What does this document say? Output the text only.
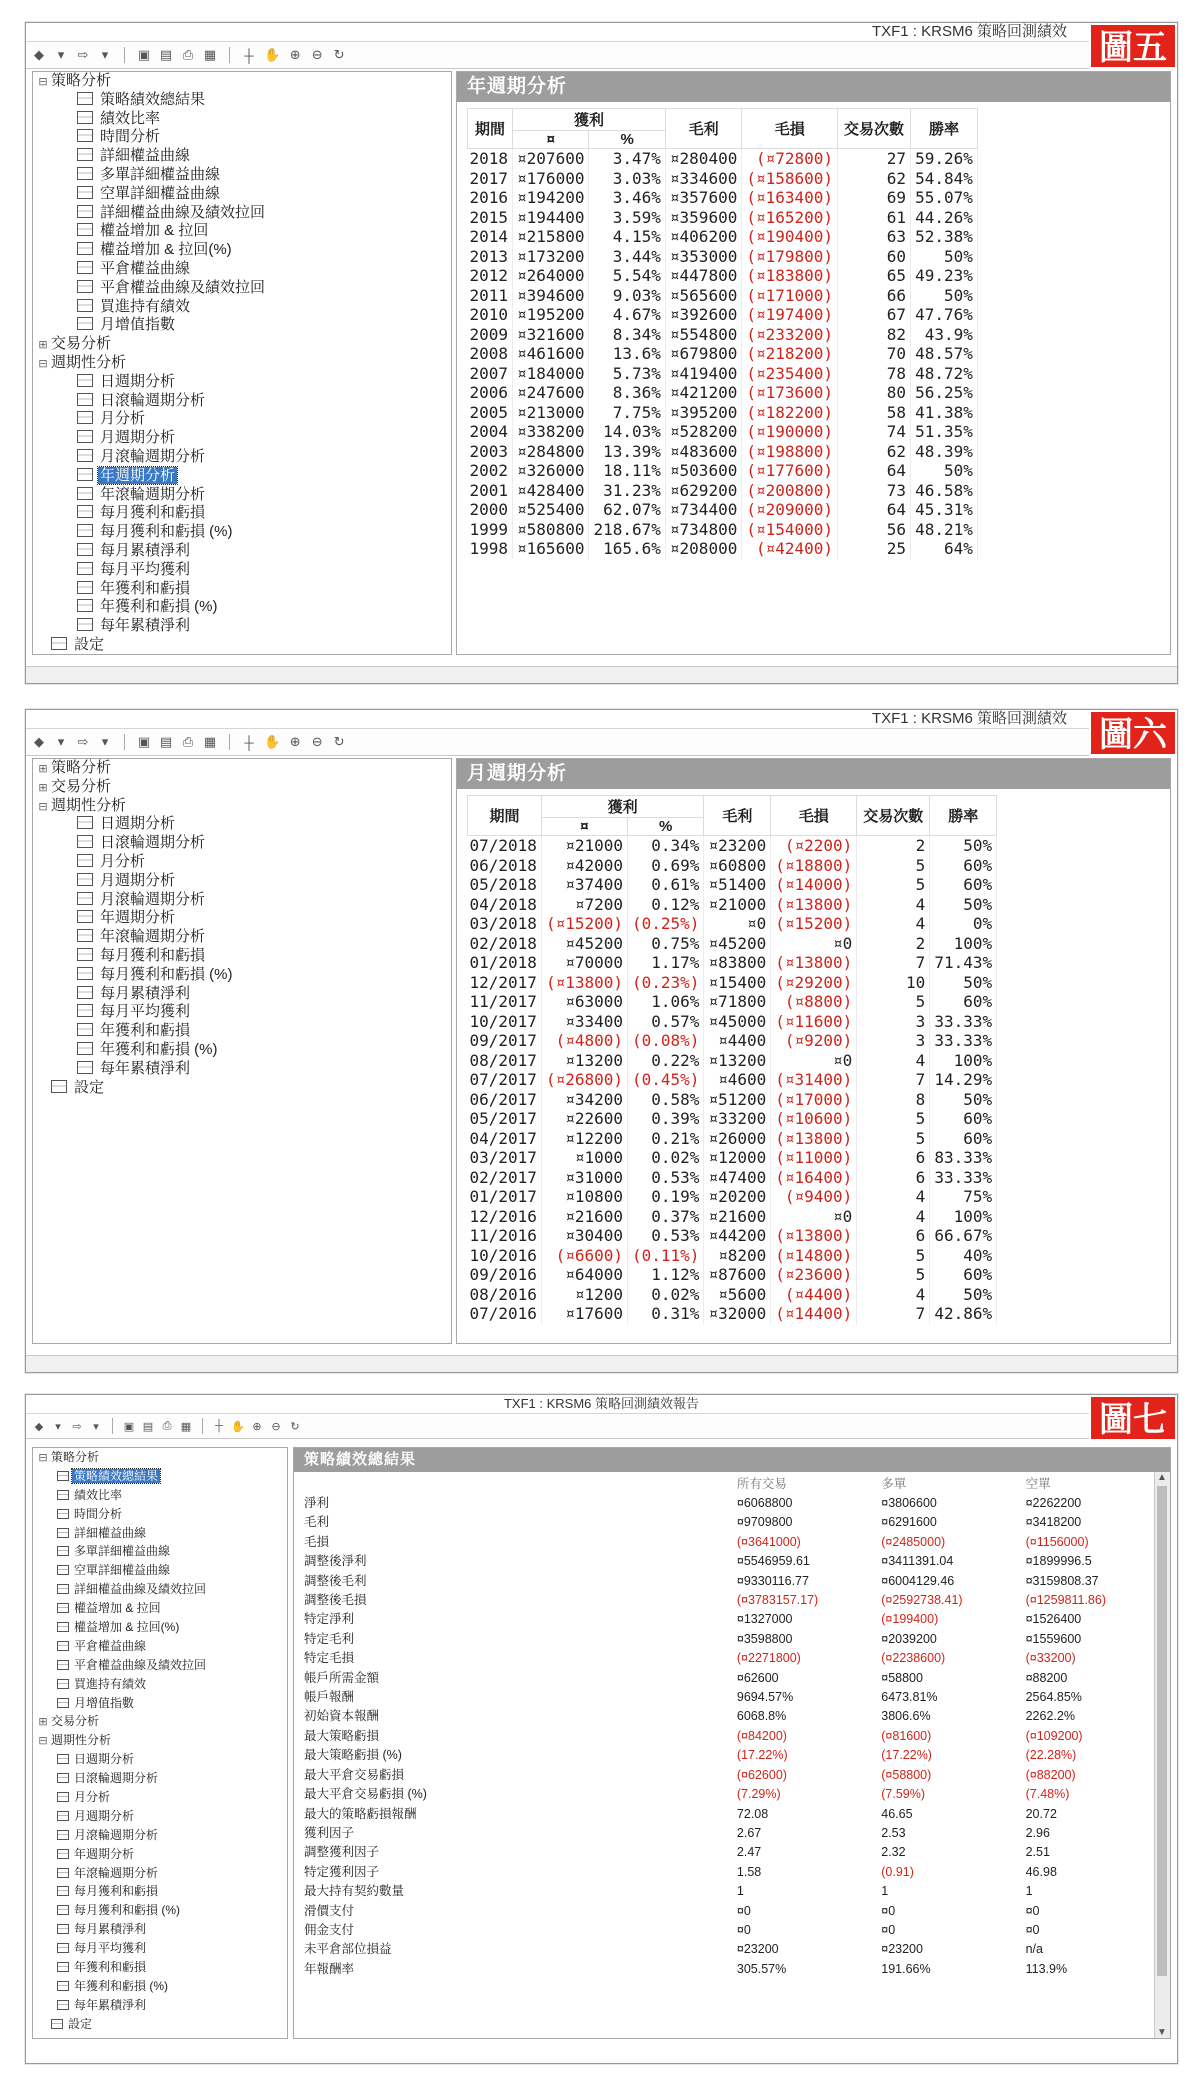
TXF1 : KRSM6 策略回測績效 圖五
◆ ▾ ⇨ ▾ ▣ ▤ ⎙ ▦ ┼ ✋ ⊕ ⊖ ↻
⊟ 策略分析
策略績效總結果
績效比率
時間分析
詳細權益曲線
多單詳細權益曲線
空單詳細權益曲線
詳細權益曲線及績效拉回
權益增加 & 拉回
權益增加 & 拉回(%)
平倉權益曲線
平倉權益曲線及績效拉回
買進持有績效
月增值指數
⊞ 交易分析
⊟ 週期性分析
日週期分析
日滾輪週期分析
月分析
月週期分析
月滾輪週期分析
年週期分析
年滾輪週期分析
每月獲利和虧損
每月獲利和虧損 (%)
每月累積淨利
每月平均獲利
年獲利和虧損
年獲利和虧損 (%)
每年累積淨利
設定
年週期分析
期間	獲利		毛利	毛損	交易次數	勝率
	¤	%				
2018	¤207600	3.47%	¤280400	(¤72800)	27	59.26%
2017	¤176000	3.03%	¤334600	(¤158600)	62	54.84%
2016	¤194200	3.46%	¤357600	(¤163400)	69	55.07%
2015	¤194400	3.59%	¤359600	(¤165200)	61	44.26%
2014	¤215800	4.15%	¤406200	(¤190400)	63	52.38%
2013	¤173200	3.44%	¤353000	(¤179800)	60	50%
2012	¤264000	5.54%	¤447800	(¤183800)	65	49.23%
2011	¤394600	9.03%	¤565600	(¤171000)	66	50%
2010	¤195200	4.67%	¤392600	(¤197400)	67	47.76%
2009	¤321600	8.34%	¤554800	(¤233200)	82	43.9%
2008	¤461600	13.6%	¤679800	(¤218200)	70	48.57%
2007	¤184000	5.73%	¤419400	(¤235400)	78	48.72%
2006	¤247600	8.36%	¤421200	(¤173600)	80	56.25%
2005	¤213000	7.75%	¤395200	(¤182200)	58	41.38%
2004	¤338200	14.03%	¤528200	(¤190000)	74	51.35%
2003	¤284800	13.39%	¤483600	(¤198800)	62	48.39%
2002	¤326000	18.11%	¤503600	(¤177600)	64	50%
2001	¤428400	31.23%	¤629200	(¤200800)	73	46.58%
2000	¤525400	62.07%	¤734400	(¤209000)	64	45.31%
1999	¤580800	218.67%	¤734800	(¤154000)	56	48.21%
1998	¤165600	165.6%	¤208000	(¤42400)	25	64%
TXF1 : KRSM6 策略回測績效 圖六
◆ ▾ ⇨ ▾ ▣ ▤ ⎙ ▦ ┼ ✋ ⊕ ⊖ ↻
⊞ 策略分析
⊞ 交易分析
⊟ 週期性分析
日週期分析
日滾輪週期分析
月分析
月週期分析
月滾輪週期分析
年週期分析
年滾輪週期分析
每月獲利和虧損
每月獲利和虧損 (%)
每月累積淨利
每月平均獲利
年獲利和虧損
年獲利和虧損 (%)
每年累積淨利
設定
月週期分析
期間	獲利		毛利	毛損	交易次數	勝率
	¤	%				
07/2018	¤21000	0.34%	¤23200	(¤2200)	2	50%
06/2018	¤42000	0.69%	¤60800	(¤18800)	5	60%
05/2018	¤37400	0.61%	¤51400	(¤14000)	5	60%
04/2018	¤7200	0.12%	¤21000	(¤13800)	4	50%
03/2018	(¤15200)	(0.25%)	¤0	(¤15200)	4	0%
02/2018	¤45200	0.75%	¤45200	¤0	2	100%
01/2018	¤70000	1.17%	¤83800	(¤13800)	7	71.43%
12/2017	(¤13800)	(0.23%)	¤15400	(¤29200)	10	50%
11/2017	¤63000	1.06%	¤71800	(¤8800)	5	60%
10/2017	¤33400	0.57%	¤45000	(¤11600)	3	33.33%
09/2017	(¤4800)	(0.08%)	¤4400	(¤9200)	3	33.33%
08/2017	¤13200	0.22%	¤13200	¤0	4	100%
07/2017	(¤26800)	(0.45%)	¤4600	(¤31400)	7	14.29%
06/2017	¤34200	0.58%	¤51200	(¤17000)	8	50%
05/2017	¤22600	0.39%	¤33200	(¤10600)	5	60%
04/2017	¤12200	0.21%	¤26000	(¤13800)	5	60%
03/2017	¤1000	0.02%	¤12000	(¤11000)	6	83.33%
02/2017	¤31000	0.53%	¤47400	(¤16400)	6	33.33%
01/2017	¤10800	0.19%	¤20200	(¤9400)	4	75%
12/2016	¤21600	0.37%	¤21600	¤0	4	100%
11/2016	¤30400	0.53%	¤44200	(¤13800)	6	66.67%
10/2016	(¤6600)	(0.11%)	¤8200	(¤14800)	5	40%
09/2016	¤64000	1.12%	¤87600	(¤23600)	5	60%
08/2016	¤1200	0.02%	¤5600	(¤4400)	4	50%
07/2016	¤17600	0.31%	¤32000	(¤14400)	7	42.86%
TXF1 : KRSM6 策略回測績效報告	圖七
◆	▾	⇨	▾	▣ ▤ ⎙ ▦ ┼ ✋ ⊕ ⊖ ↻
⊟ 策略分析
策略績效總結果
績效比率
時間分析
詳細權益曲線
多單詳細權益曲線
空單詳細權益曲線
詳細權益曲線及績效拉回
權益增加 & 拉回
權益增加 & 拉回(%)
平倉權益曲線
平倉權益曲線及績效拉回
買進持有績效
月增值指數
⊞ 交易分析
⊟ 週期性分析
日週期分析
日滾輪週期分析
月分析
月週期分析
月滾輪週期分析
年週期分析
年滾輪週期分析
每月獲利和虧損
每月獲利和虧損 (%)
每月累積淨利
每月平均獲利
年獲利和虧損
年獲利和虧損 (%)
每年累積淨利
設定
策略績效總結果
	所有交易	多單	空單
淨利	¤6068800	¤3806600	¤2262200
毛利	¤9709800	¤6291600	¤3418200
毛損	(¤3641000)	(¤2485000)	(¤1156000)
調整後淨利	¤5546959.61	¤3411391.04	¤1899996.5
調整後毛利	¤9330116.77	¤6004129.46	¤3159808.37
調整後毛損	(¤3783157.17)	(¤2592738.41)	(¤1259811.86)
特定淨利	¤1327000	(¤199400)	¤1526400
特定毛利	¤3598800	¤2039200	¤1559600
特定毛損	(¤2271800)	(¤2238600)	(¤33200)
帳戶所需金額	¤62600	¤58800	¤88200
帳戶報酬	9694.57%	6473.81%	2564.85%
初始資本報酬	6068.8%	3806.6%	2262.2%
最大策略虧損	(¤84200)	(¤81600)	(¤109200)
最大策略虧損 (%)	(17.22%)	(17.22%)	(22.28%)
最大平倉交易虧損	(¤62600)	(¤58800)	(¤88200)
最大平倉交易虧損 (%)	(7.29%)	(7.59%)	(7.48%)
最大的策略虧損報酬	72.08	46.65	20.72
獲利因子	2.67	2.53	2.96
調整獲利因子	2.47	2.32	2.51
特定獲利因子	1.58	(0.91)	46.98
最大持有契約數量	1	1	1
滑價支付	¤0	¤0	¤0
佣金支付	¤0	¤0	¤0
未平倉部位損益	¤23200	¤23200	n/a
年報酬率	305.57%	191.66%	113.9%
▲
▼
